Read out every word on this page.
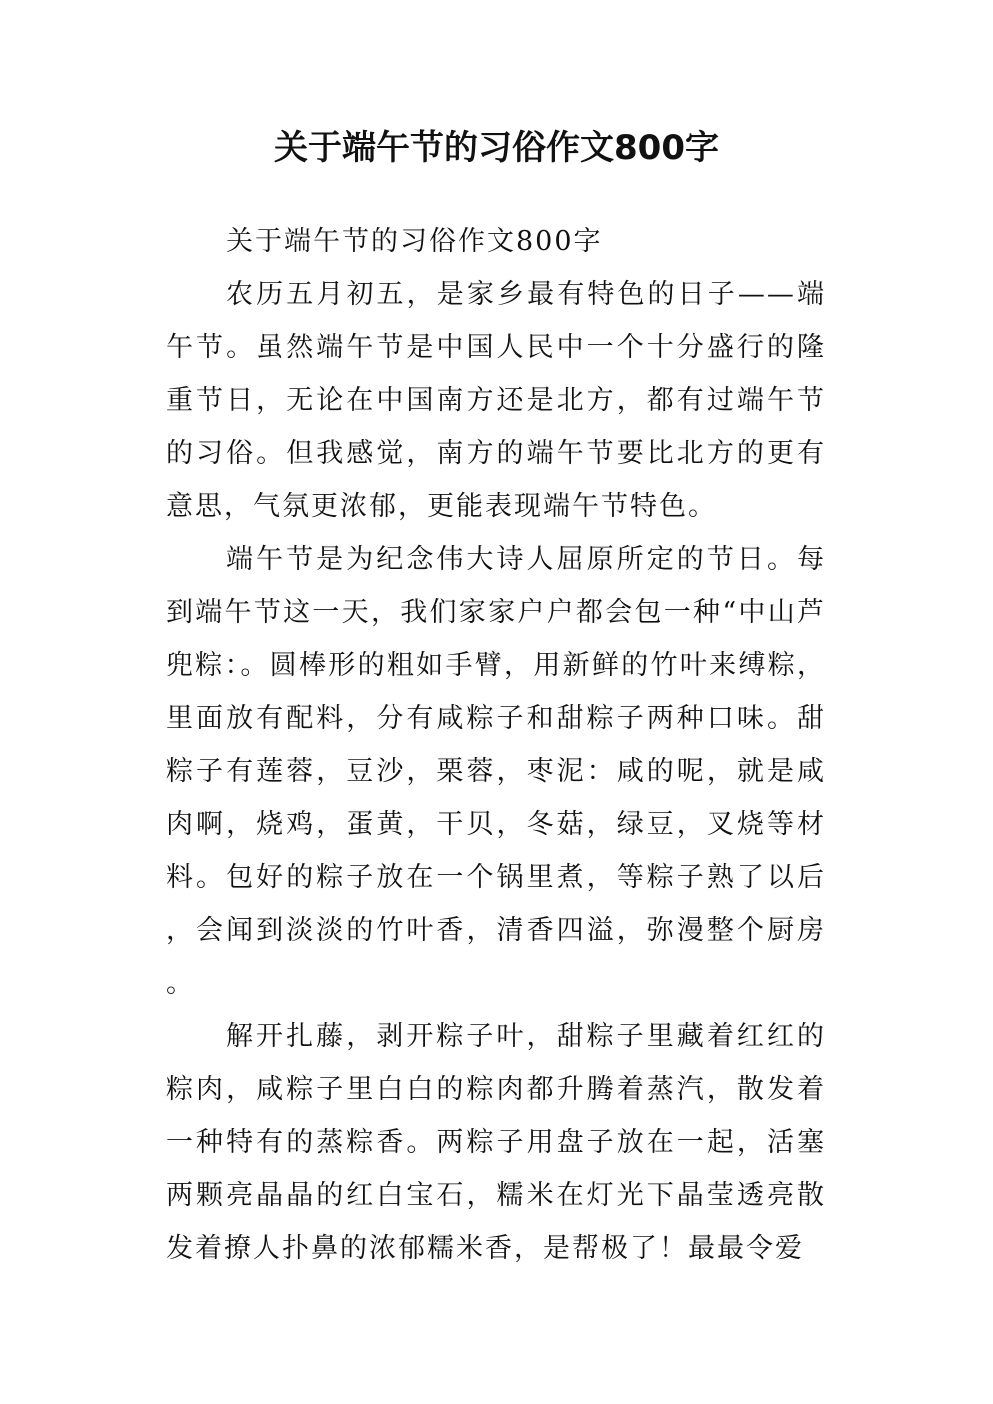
关于端午节的习俗作文800字

关于端午节的习俗作文800字

农历五月初五，是家乡最有特色的日子——端午节。虽然端午节是中国人民中一个十分盛行的隆重节日，无论在中国南方还是北方，都有过端午节的习俗。但我感觉，南方的端午节要比北方的更有意思，气氛更浓郁，更能表现端午节特色。

端午节是为纪念伟大诗人屈原所定的节日。每到端午节这一天，我们家家户户都会包一种“中山芦兜粽：。圆棒形的粗如手臂，用新鲜的竹叶来缚粽，里面放有配料，分有咸粽子和甜粽子两种口味。甜粽子有莲蓉，豆沙，栗蓉，枣泥：咸的呢，就是咸肉啊，烧鸡，蛋黄，干贝，冬菇，绿豆，叉烧等材料。包好的粽子放在一个锅里煮，等粽子熟了以后，会闻到淡淡的竹叶香，清香四溢，弥漫整个厨房。

解开扎藤，剥开粽子叶，甜粽子里藏着红红的粽肉，咸粽子里白白的粽肉都升腾着蒸汽，散发着一种特有的蒸粽香。两粽子用盘子放在一起，活塞两颗亮晶晶的红白宝石，糯米在灯光下晶莹透亮散发着撩人扑鼻的浓郁糯米香，是帮极了！最最令爱
